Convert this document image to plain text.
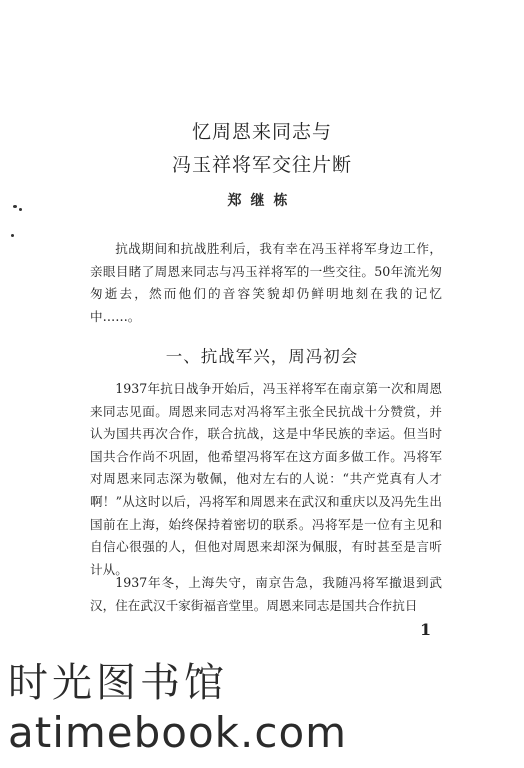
忆周恩来同志与
冯玉祥将军交往片断
郑继栋

抗战期间和抗战胜利后，我有幸在冯玉祥将军身边工作，亲眼目睹了周恩来同志与冯玉祥将军的一些交往。50年流光匆匆逝去，然而他们的音容笑貌却仍鲜明地刻在我的记忆中……。

一、抗战军兴，周冯初会

1937年抗日战争开始后，冯玉祥将军在南京第一次和周恩来同志见面。周恩来同志对冯将军主张全民抗战十分赞赏，并认为国共再次合作，联合抗战，这是中华民族的幸运。但当时国共合作尚不巩固，他希望冯将军在这方面多做工作。冯将军对周恩来同志深为敬佩，他对左右的人说：“共产党真有人才啊！”从这时以后，冯将军和周恩来在武汉和重庆以及冯先生出国前在上海，始终保持着密切的联系。冯将军是一位有主见和自信心很强的人，但他对周恩来却深为佩服，有时甚至是言听计从。

1937年冬，上海失守，南京告急，我随冯将军撤退到武汉，住在武汉千家街福音堂里。周恩来同志是国共合作抗日

1
时光图书馆
atimebook.com
